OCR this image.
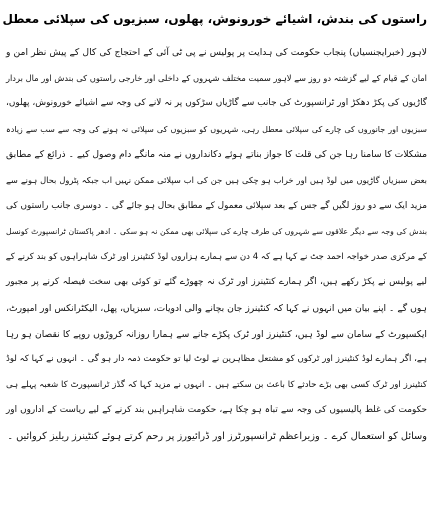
راستوں کی بندش، اشیائے خورونوش، پھلوں، سبزیوں کی سپلائی معطل

لاہور (خبرایجنسیاں) پنجاب حکومت کی ہدایت پر پولیس نے پی ٹی آئی کے احتجاج کی کال کے پیش نظر امن و
امان کے قیام کے لیے گزشتہ دو روز سے لاہور سمیت مختلف شہروں کے داخلی اور خارجی راستوں کی بندش اور مال بردار
گاڑیوں کی پکڑ دھکڑ اور ٹرانسپورٹ کی جانب سے گاڑیاں سڑکوں پر نہ لانے کی وجہ سے اشیائے خورونوش، پھلوں،
سبزیوں اور جانوروں کی چارے کی سپلائی معطل رہی، شہریوں کو سبزیوں کی سپلائی نہ ہونے کی وجہ سے سب سے زیادہ
مشکلات کا سامنا رہا جن کی قلت کا جواز بناتے ہوئے دکانداروں نے منہ مانگے دام وصول کیے ۔ ذرائع کے مطابق
بعض سبزیاں گاڑیوں میں لوڈ ہیں اور خراب ہو چکی ہیں جن کی اب سپلائی ممکن نہیں اب جبکہ پٹرول بحال ہونے سے
مزید ایک سے دو روز لگیں گے جس کے بعد سپلائی معمول کے مطابق بحال ہو جائے گی ۔ دوسری جانب راستوں کی
بندش کی وجہ سے دیگر علاقوں سے شہروں کی طرف چارے کی سپلائی بھی ممکن نہ ہو سکی ۔ ادھر پاکستان ٹرانسپورٹ کونسل
کے مرکزی صدر خواجہ احمد جٹ نے کہا ہے کہ 4 دن سے ہمارے ہزاروں لوڈ کنٹینرز اور ٹرک شاہراہوں کو بند کرنے کے
لیے پولیس نے پکڑ رکھے ہیں، اگر ہمارے کنٹینرز اور ٹرک نہ چھوڑے گئے تو کوئی بھی سخت فیصلہ کرنے پر مجبور
ہوں گے ۔ اپنے بیان میں انہوں نے کہا کہ کنٹینرز جان بچانے والی ادویات، سبزیاں، پھل، الیکٹرانکس اور امپورٹ،
ایکسپورٹ کے سامان سے لوڈ ہیں، کنٹینرز اور ٹرک پکڑے جانے سے ہمارا روزانہ کروڑوں روپے کا نقصان ہو رہا
ہے، اگر ہمارے لوڈ کنٹینرز اور ٹرکوں کو مشتعل مظاہرین نے لوٹ لیا تو حکومت ذمہ دار ہو گی ۔ انہوں نے کہا کہ لوڈ
کنٹینرز اور ٹرک کسی بھی بڑے حادثے کا باعث بن سکتے ہیں ۔ انہوں نے مزید کہا کہ گڈز ٹرانسپورٹ کا شعبہ پہلے ہی
حکومت کی غلط پالیسیوں کی وجہ سے تباہ ہو چکا ہے، حکومت شاہراہیں بند کرنے کے لیے ریاست کے اداروں اور
وسائل کو استعمال کرے ۔ وزیراعظم ٹرانسپورٹرز اور ڈرائیورز پر رحم کرتے ہوئے کنٹینرز ریلیز کروائیں ۔
